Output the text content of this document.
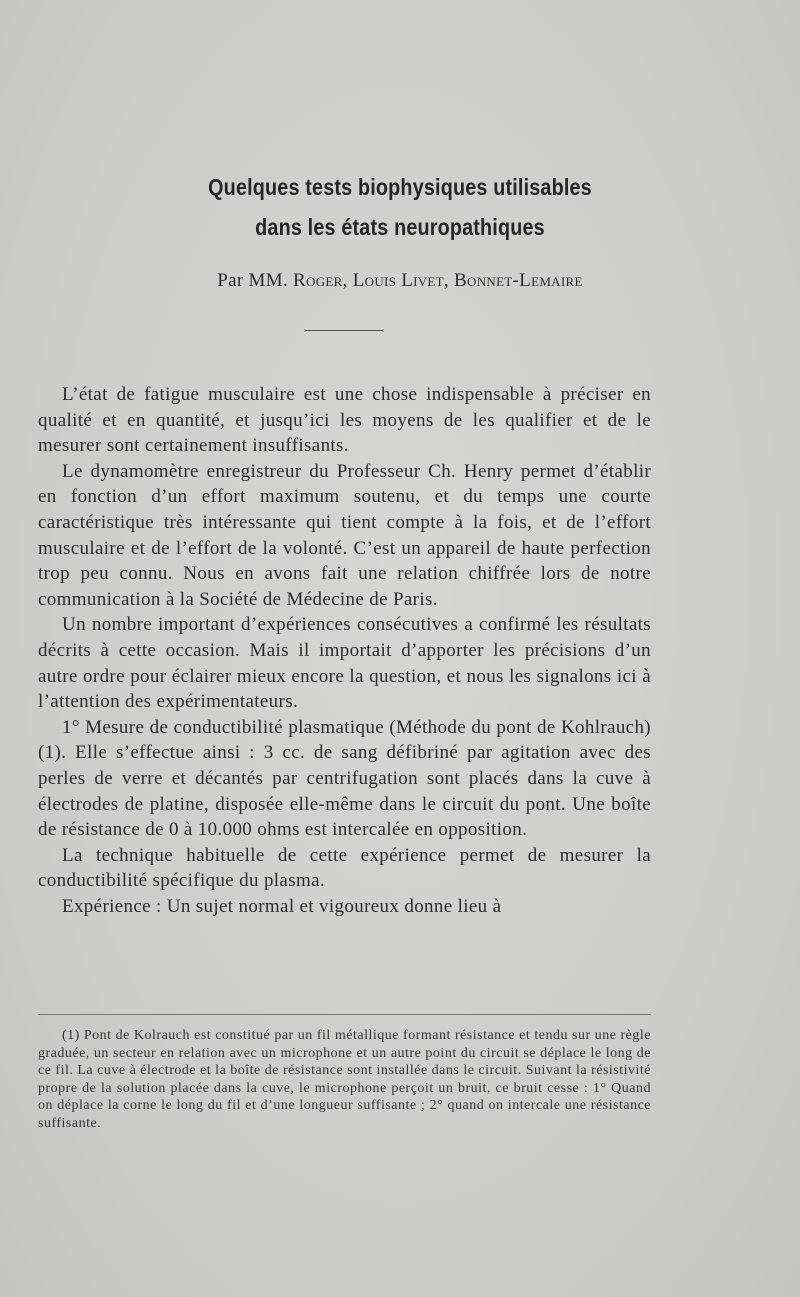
Quelques tests biophysiques utilisables
dans les états neuropathiques
Par MM. Roger, Louis Livet, Bonnet-Lemaire

L’état de fatigue musculaire est une chose indispensable à préciser en qualité et en quantité, et jusqu’ici les moyens de les qualifier et de le mesurer sont certainement insuffisants.

Le dynamomètre enregistreur du Professeur Ch. Henry permet d’établir en fonction d’un effort maximum soutenu, et du temps une courte caractéristique très intéressante qui tient compte à la fois, et de l’effort musculaire et de l’effort de la volonté. C’est un appareil de haute perfection trop peu connu. Nous en avons fait une relation chiffrée lors de notre communication à la Société de Médecine de Paris.

Un nombre important d’expériences consécutives a confirmé les résultats décrits à cette occasion. Mais il importait d’apporter les précisions d’un autre ordre pour éclairer mieux encore la question, et nous les signalons ici à l’attention des expérimentateurs.

1° Mesure de conductibilité plasmatique (Méthode du pont de Kohlrauch) (1). Elle s’effectue ainsi : 3 cc. de sang défibriné par agitation avec des perles de verre et décantés par centrifugation sont placés dans la cuve à électrodes de platine, disposée elle-même dans le circuit du pont. Une boîte de résistance de 0 à 10.000 ohms est intercalée en opposition.

La technique habituelle de cette expérience permet de mesurer la conductibilité spécifique du plasma.

Expérience : Un sujet normal et vigoureux donne lieu à

(1) Pont de Kolrauch est constitué par un fil métallique formant résistance et tendu sur une règle graduée, un secteur en relation avec un microphone et un autre point du circuit se déplace le long de ce fil. La cuve à électrode et la boîte de résistance sont installée dans le circuit. Suivant la résistivité propre de la solution placée dans la cuve, le microphone perçoit un bruit, ce bruit cesse : 1° Quand on déplace la corne le long du fil et d’une longueur suffisante ; 2° quand on intercale une résistance suffisante.
